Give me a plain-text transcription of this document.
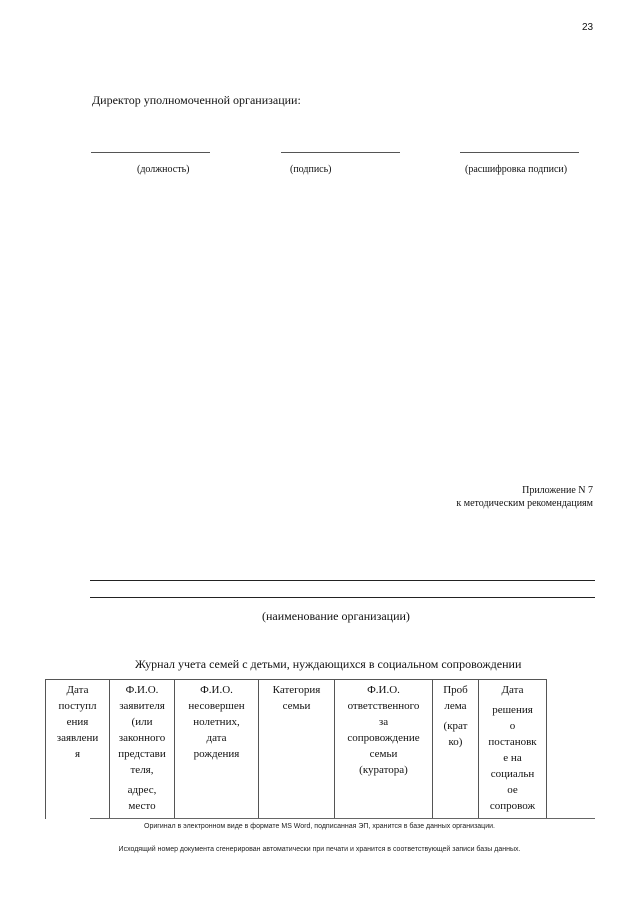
23
Директор уполномоченной организации:
(должность)	(подпись)	(расшифровка подписи)
Приложение N 7
к методическим рекомендациям
(наименование организации)
Журнал учета семей с детьми, нуждающихся в социальном сопровождении
Дата
поступл
ения
заявлени
я

Ф.И.О.
заявителя
(или
законного
представи
теля,
адрес,
место

Ф.И.О.
несовершен
нолетних,
дата
рождения

Категория
семьи

Ф.И.О.
ответственного
за
сопровождение
семьи
(куратора)

Проб
лема
(крат
ко)

Дата
решения
о
постановк
е на
социальн
ое
сопровож
Оригинал в электронном виде в формате MS Word, подписанная ЭП, хранится в базе данных организации.
Исходящий номер документа сгенерирован автоматически при печати и хранится в соответствующей записи базы данных.
